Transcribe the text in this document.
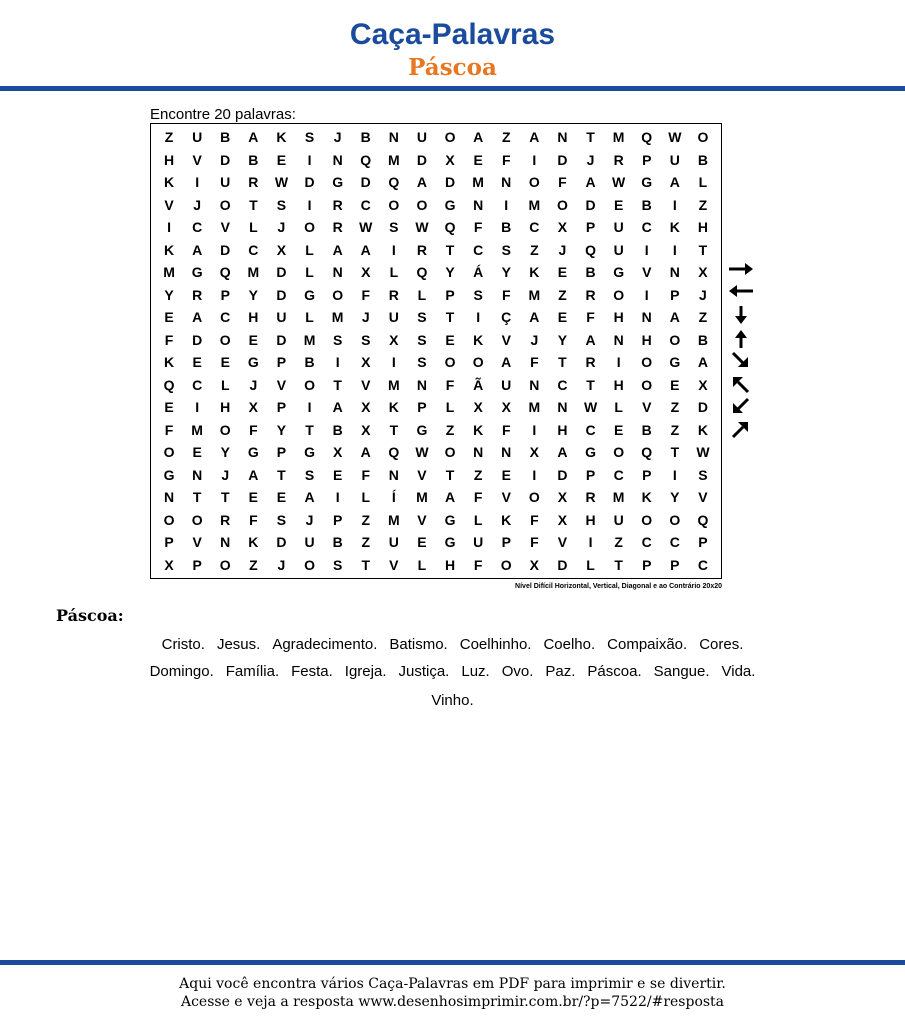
Caça-Palavras
Páscoa
Encontre 20 palavras:
Z	U	B	A	K	S	J	B	N	U	O	A	Z	A	N	T	M	Q	W	O
H	V	D	B	E	I	N	Q	M	D	X	E	F	I	D	J	R	P	U	B
K	I	U	R	W	D	G	D	Q	A	D	M	N	O	F	A	W	G	A	L
V	J	O	T	S	I	R	C	O	O	G	N	I	M	O	D	E	B	I	Z
I	C	V	L	J	O	R	W	S	W	Q	F	B	C	X	P	U	C	K	H
K	A	D	C	X	L	A	A	I	R	T	C	S	Z	J	Q	U	I	I	T
M	G	Q	M	D	L	N	X	L	Q	Y	Á	Y	K	E	B	G	V	N	X
Y	R	P	Y	D	G	O	F	R	L	P	S	F	M	Z	R	O	I	P	J
E	A	C	H	U	L	M	J	U	S	T	I	Ç	A	E	F	H	N	A	Z
F	D	O	E	D	M	S	S	X	S	E	K	V	J	Y	A	N	H	O	B
K	E	E	G	P	B	I	X	I	S	O	O	A	F	T	R	I	O	G	A
Q	C	L	J	V	O	T	V	M	N	F	Ã	U	N	C	T	H	O	E	X
E	I	H	X	P	I	A	X	K	P	L	X	X	M	N	W	L	V	Z	D
F	M	O	F	Y	T	B	X	T	G	Z	K	F	I	H	C	E	B	Z	K
O	E	Y	G	P	G	X	A	Q	W	O	N	N	X	A	G	O	Q	T	W
G	N	J	A	T	S	E	F	N	V	T	Z	E	I	D	P	C	P	I	S
N	T	T	E	E	A	I	L	Í	M	A	F	V	O	X	R	M	K	Y	V
O	O	R	F	S	J	P	Z	M	V	G	L	K	F	X	H	U	O	O	Q
P	V	N	K	D	U	B	Z	U	E	G	U	P	F	V	I	Z	C	C	P
X	P	O	Z	J	O	S	T	V	L	H	F	O	X	D	L	T	P	P	C
Nível Difícil Horizontal, Vertical, Diagonal e ao Contrário 20x20
Páscoa:
Cristo. Jesus. Agradecimento. Batismo. Coelhinho. Coelho. Compaixão. Cores.
Domingo. Família. Festa. Igreja. Justiça. Luz. Ovo. Paz. Páscoa. Sangue. Vida.
Vinho.
Aqui você encontra vários Caça-Palavras em PDF para imprimir e se divertir.
Acesse e veja a resposta www.desenhosimprimir.com.br/?p=7522/#resposta
